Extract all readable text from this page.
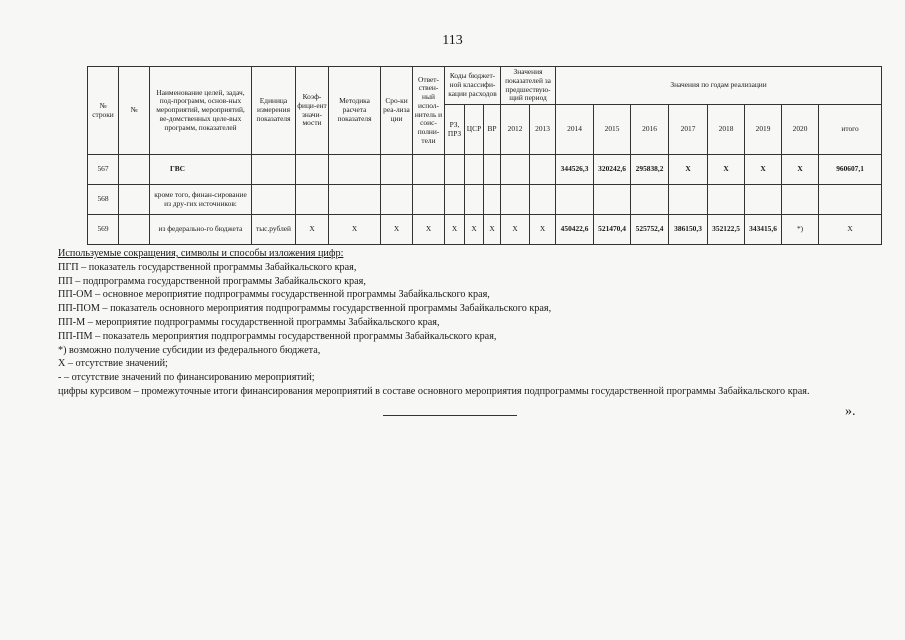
113
№ строки	№	Наименование целей, задач, под-программ, основ-ных мероприятий, мероприятий, ве-домственных целе-вых программ, показателей	Единица измерения показателя	Коэф-фици-ент значи-мости	Методика расчета показателя	Сро-ки реа-лиза ции	Ответ-ствен-ный испол-нитель и соис-полни-тели	Коды бюджет-ной классифи-кации расходов			Значения показателей за предшествую-щий период		Значения по годам реализации							
								РЗ, ПРЗ	ЦСР	ВР	2012	2013	2014	2015	2016	2017	2018	2019	2020	итого
567		ГВС											344526,3	320242,6	295838,2	X	X	X	X	960607,1
568		кроме того, финан-сирование из дру-гих источников:																		
569		из федерально-го бюджета	тыс.рублей	X	X	X	X	X	X	X	X	X	450422,6	521470,4	525752,4	386150,3	352122,5	343415,6	*)	X
Используемые сокращения, символы и способы изложения цифр:
ПГП – показатель государственной программы Забайкальского края,
ПП – подпрограмма государственной программы Забайкальского края,
ПП-ОМ – основное мероприятие подпрограммы государственной программы Забайкальского края,
ПП-ПОМ – показатель основного мероприятия подпрограммы государственной программы Забайкальского края,
ПП-М – мероприятие подпрограммы государственной программы Забайкальского края,
ПП-ПМ – показатель мероприятия подпрограммы государственной программы Забайкальского края,
*) возможно получение субсидии из федерального бюджета,
X – отсутствие значений;
- – отсутствие значений по финансированию мероприятий;
цифры курсивом – промежуточные итоги финансирования мероприятий в составе основного мероприятия подпрограммы государственной программы Забайкальского края.
».
